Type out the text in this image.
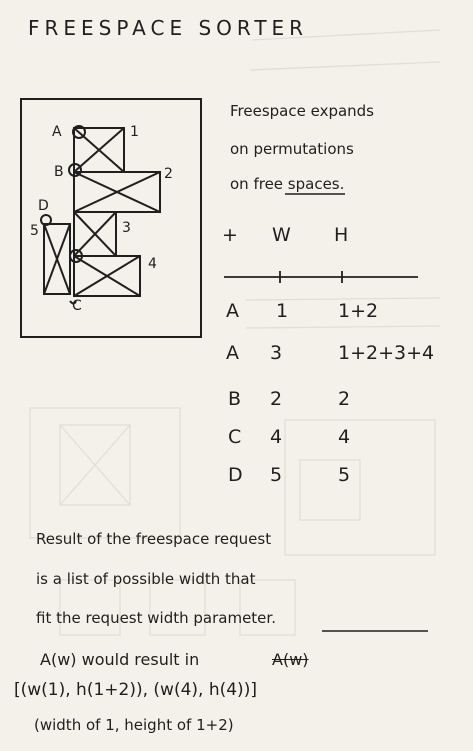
FREESPACE SORTER
A
B
D
5
1
2
3
4
C
Freespace expands
on permutations
on free spaces.
+ W H
A 1	1+2
A 3	1+2+3+4
B 2	2
C 4	4
D 5	5
Result of the freespace request
is a list of possible width that
fit the request width parameter.
A(w) would result in	A(w)
[(w(1), h(1+2)), (w(4), h(4))]
(width of 1, height of 1+2)
